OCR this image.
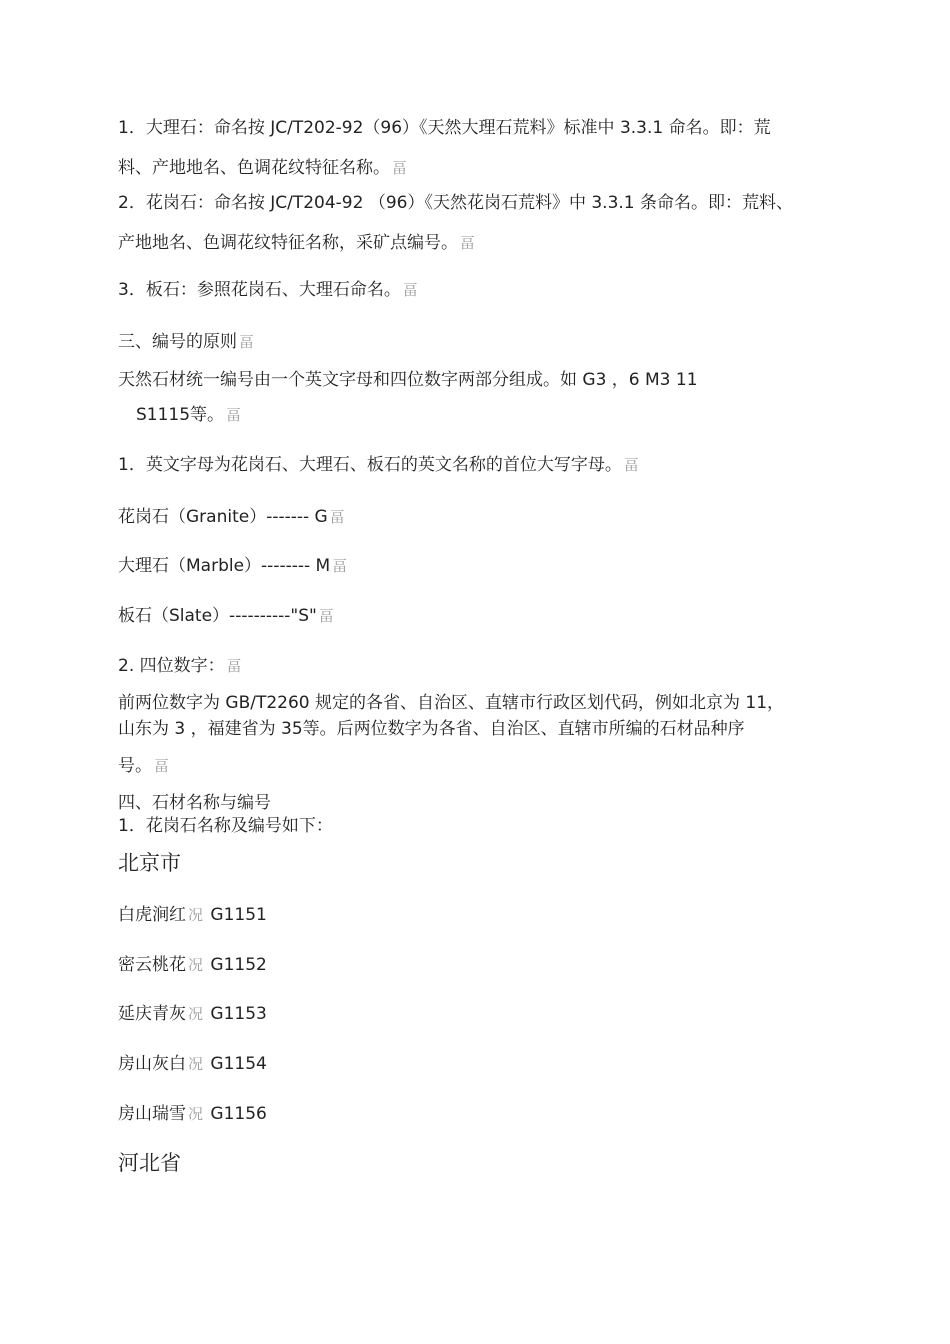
1．大理石：命名按 JC/T202-92（96）《天然大理石荒料》标准中 3.3.1 命名。即：荒
料、产地地名、色调花纹特征名称。 畐
2．花岗石：命名按 JC/T204-92 （96）《天然花岗石荒料》中 3.3.1 条命名。即：荒料、
产地地名、色调花纹特征名称，采矿点编号。 畐
3．板石：参照花岗石、大理石命名。 畐
三、编号的原则 畐
天然石材统一编号由一个英文字母和四位数字两部分组成。如 G3 ，6 M3 11
S1115等。 畐
1．英文字母为花岗石、大理石、板石的英文名称的首位大写字母。 畐
花岗石（Granite）------- G 畐
大理石（Marble）-------- M 畐
板石（Slate）----------"S" 畐
2. 四位数字： 畐
前两位数字为 GB/T2260 规定的各省、自治区、直辖市行政区划代码，例如北京为 11，
山东为 3 ，福建省为 35等。后两位数字为各省、自治区、直辖市所编的石材品种序
号。 畐
四、石材名称与编号
1．花岗石名称及编号如下：
北京市
白虎涧红 况 G1151
密云桃花 况 G1152
延庆青灰 况 G1153
房山灰白 况 G1154
房山瑞雪 况 G1156
河北省
